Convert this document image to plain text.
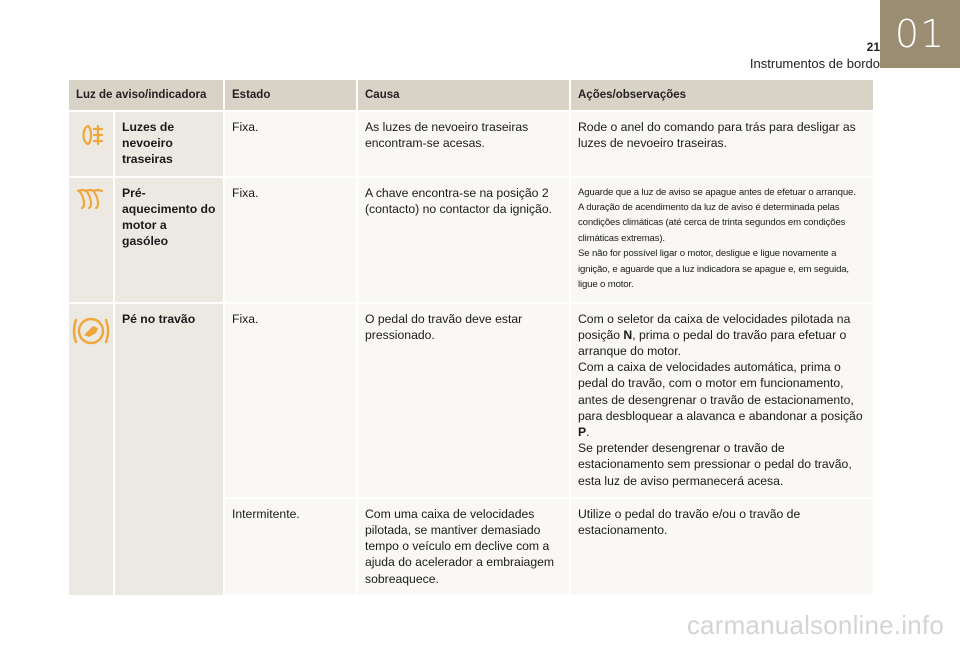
01
21
Instrumentos de bordo
Luz de aviso/indicadora		Estado	Causa	Ações/observações
	Luzes de nevoeiro traseiras	Fixa.	As luzes de nevoeiro traseiras encontram-se acesas.	Rode o anel do comando para trás para desligar as luzes de nevoeiro traseiras.
	Pré-aquecimento do motor a gasóleo	Fixa.	A chave encontra-se na posição 2 (contacto) no contactor da ignição.	Aguarde que a luz de aviso se apague antes de efetuar o arranque.
A duração de acendimento da luz de aviso é determinada pelas condições climáticas (até cerca de trinta segundos em condições climáticas extremas).
Se não for possível ligar o motor, desligue e ligue novamente a ignição, e aguarde que a luz indicadora se apague e, em seguida, ligue o motor.

	Pé no travão	Fixa.	O pedal do travão deve estar pressionado.	Com o seletor da caixa de velocidades pilotada na posição N, prima o pedal do travão para efetuar o arranque do motor.
Com a caixa de velocidades automática, prima o pedal do travão, com o motor em funcionamento, antes de desengrenar o travão de estacionamento, para desbloquear a alavanca e abandonar a posição P.
Se pretender desengrenar o travão de estacionamento sem pressionar o pedal do travão, esta luz de aviso permanecerá acesa.

		Intermitente.	Com uma caixa de velocidades pilotada, se mantiver demasiado tempo o veículo em declive com a ajuda do acelerador a embraiagem sobreaquece.	Utilize o pedal do travão e/ou o travão de estacionamento.
carmanualsonline.info
